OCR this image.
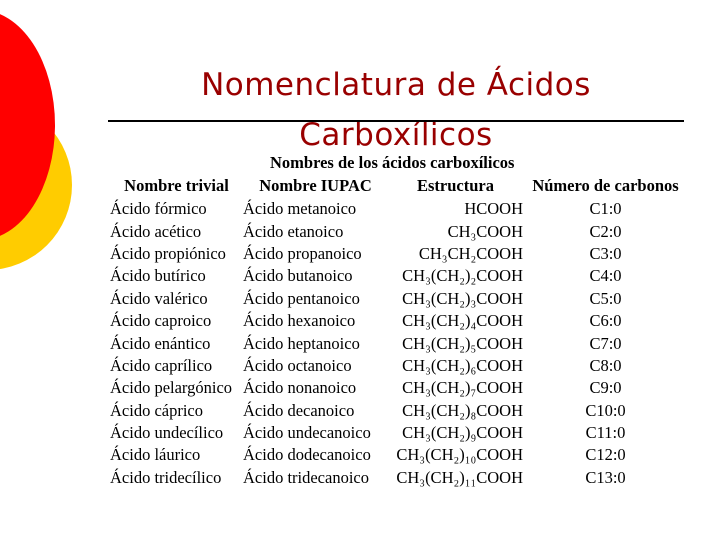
Nomenclatura de Ácidos
Carboxílicos
Nombres de los ácidos carboxílicos
Nombre trivial	Nombre IUPAC	Estructura	Número de carbonos
Ácido fórmico	Ácido metanoico	HCOOH	C1:0
Ácido acético	Ácido etanoico	CH₃COOH	C2:0
Ácido propiónico	Ácido propanoico	CH₃CH₂COOH	C3:0
Ácido butírico	Ácido butanoico	CH₃(CH₂)₂COOH	C4:0
Ácido valérico	Ácido pentanoico	CH₃(CH₂)₃COOH	C5:0
Ácido caproico	Ácido hexanoico	CH₃(CH₂)₄COOH	C6:0
Ácido enántico	Ácido heptanoico	CH₃(CH₂)₅COOH	C7:0
Ácido caprílico	Ácido octanoico	CH₃(CH₂)₆COOH	C8:0
Ácido pelargónico	Ácido nonanoico	CH₃(CH₂)₇COOH	C9:0
Ácido cáprico	Ácido decanoico	CH₃(CH₂)₈COOH	C10:0
Ácido undecílico	Ácido undecanoico	CH₃(CH₂)₉COOH	C11:0
Ácido láurico	Ácido dodecanoico	CH₃(CH₂)₁₀COOH	C12:0
Ácido tridecílico	Ácido tridecanoico	CH₃(CH₂)₁₁COOH	C13:0
